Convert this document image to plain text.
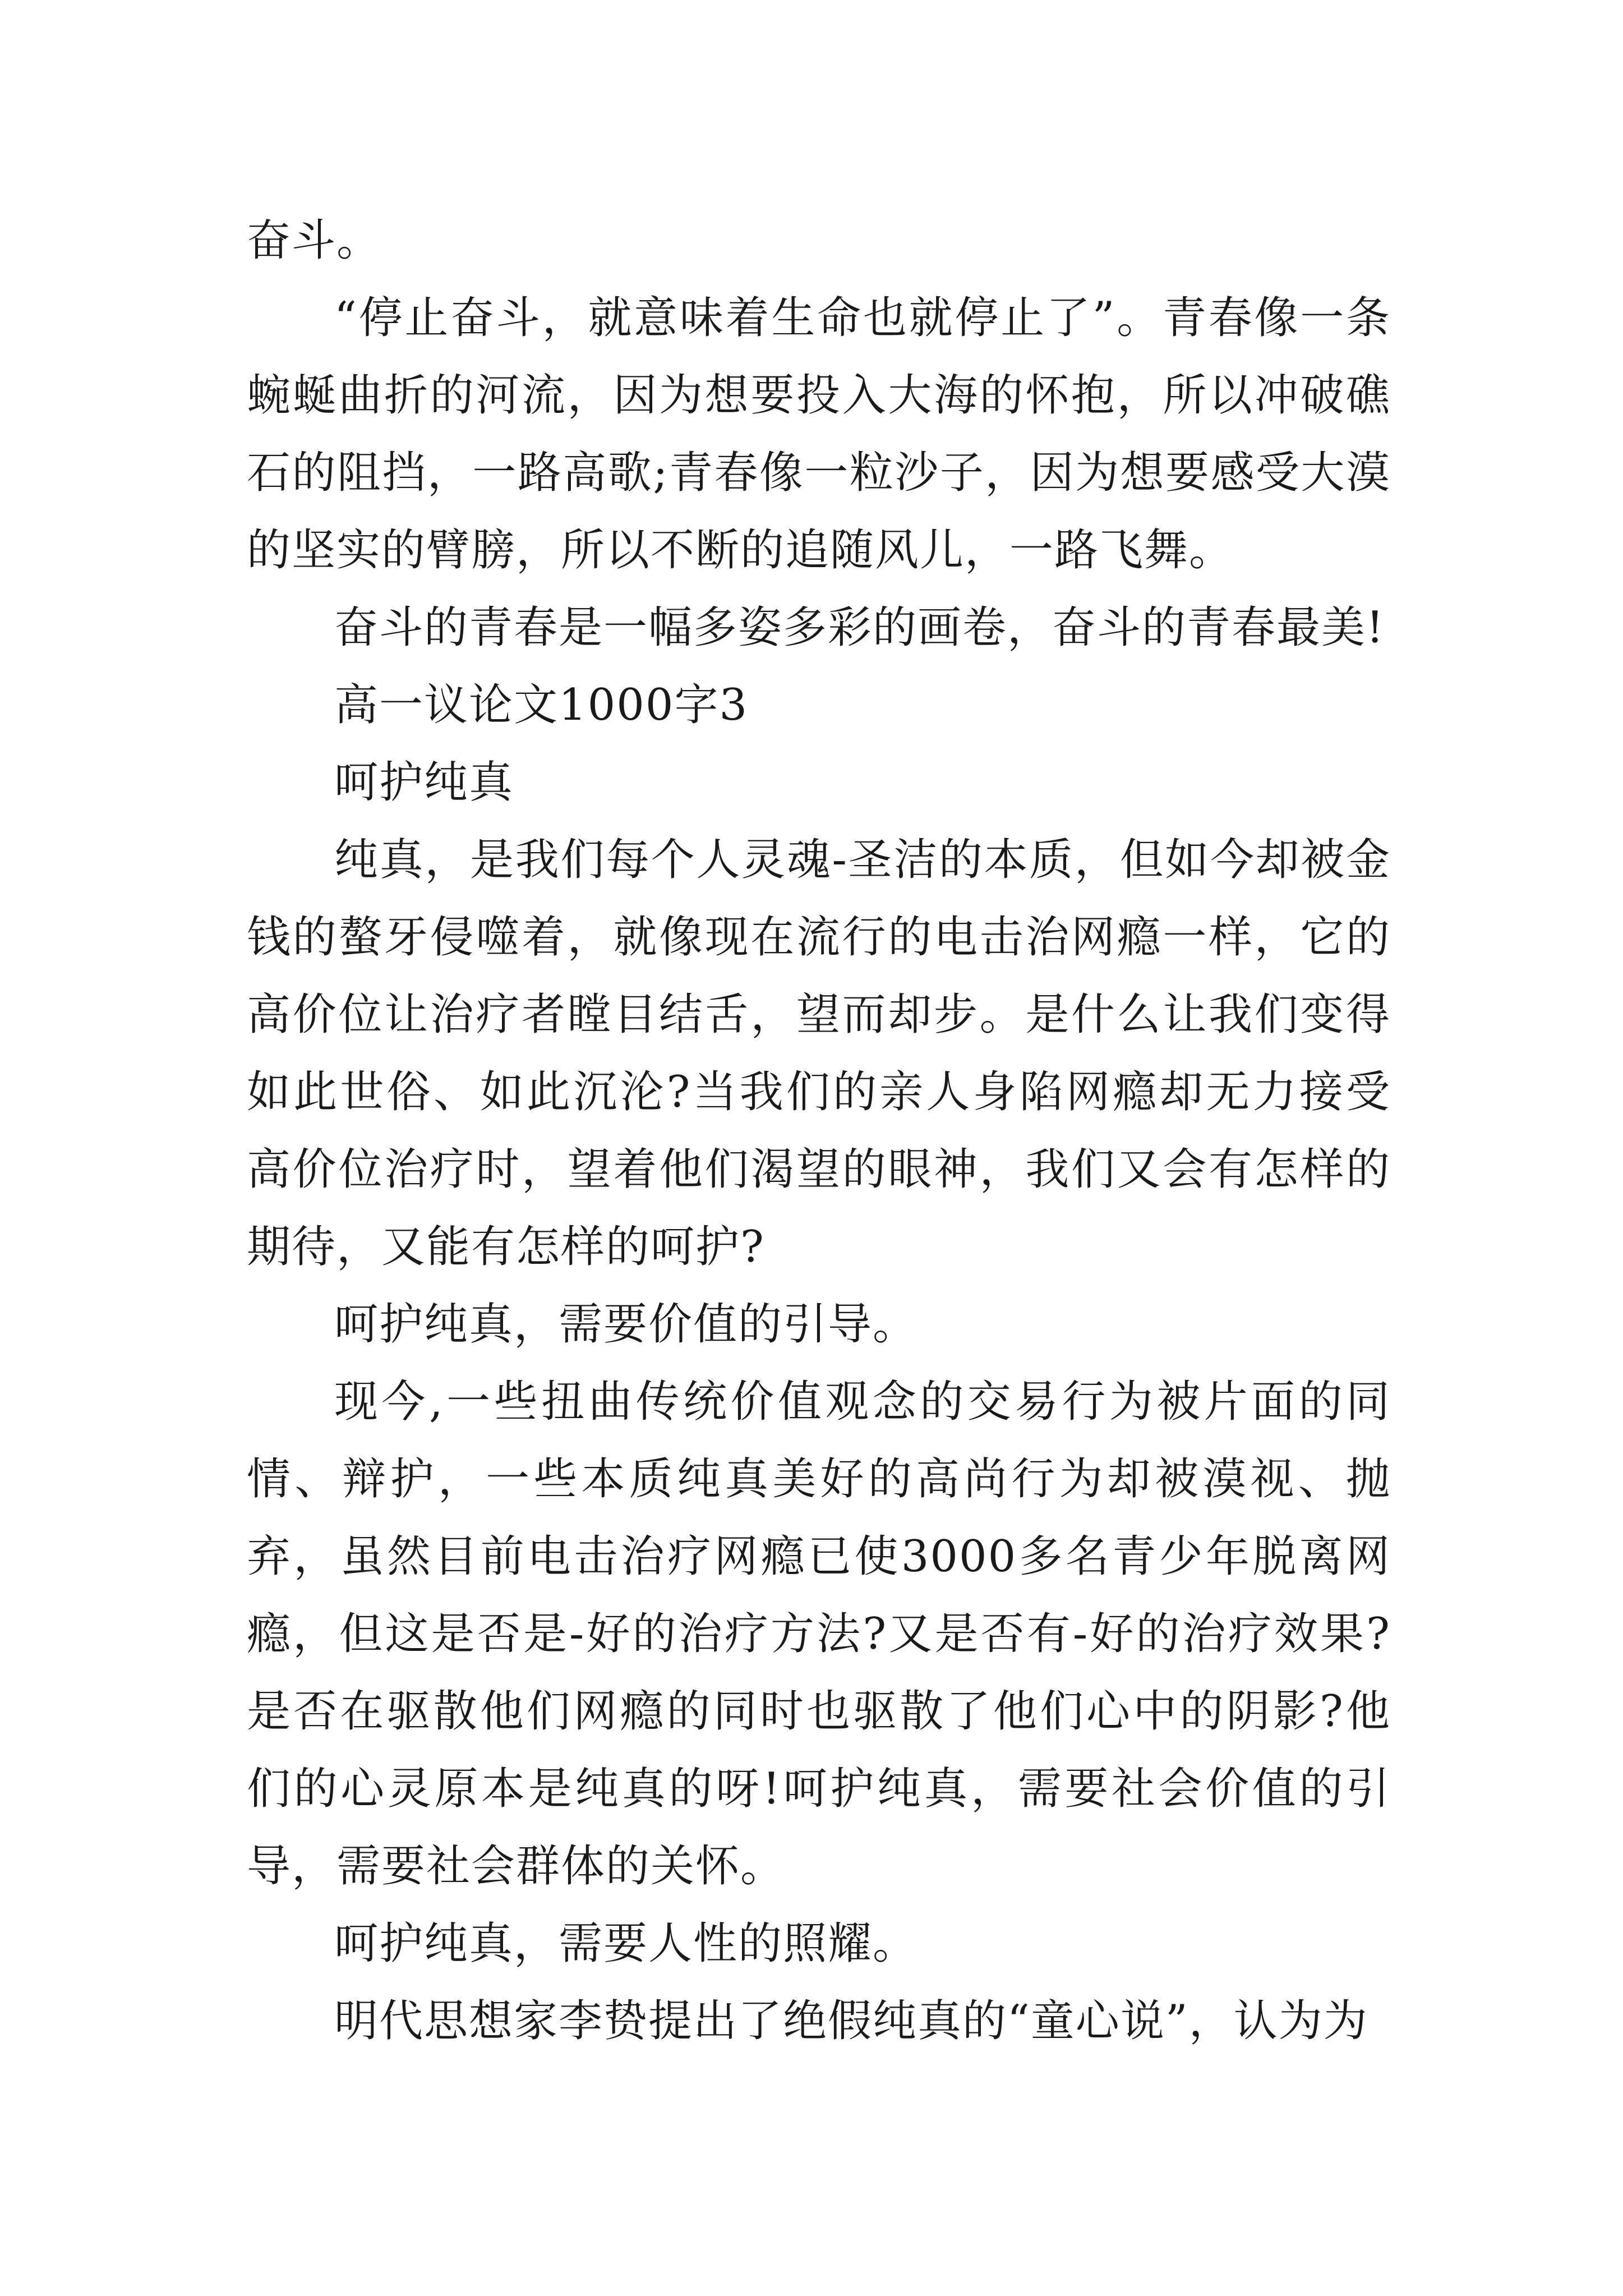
奋斗。

“停止奋斗，就意味着生命也就停止了”。青春像一条蜿蜒曲折的河流，因为想要投入大海的怀抱，所以冲破礁石的阻挡，一路高歌;青春像一粒沙子，因为想要感受大漠的坚实的臂膀，所以不断的追随风儿，一路飞舞。

奋斗的青春是一幅多姿多彩的画卷，奋斗的青春最美!

高一议论文1000字3

呵护纯真

纯真，是我们每个人灵魂-圣洁的本质，但如今却被金钱的螯牙侵噬着，就像现在流行的电击治网瘾一样，它的高价位让治疗者瞠目结舌，望而却步。是什么让我们变得如此世俗、如此沉沦?当我们的亲人身陷网瘾却无力接受高价位治疗时，望着他们渴望的眼神，我们又会有怎样的期待，又能有怎样的呵护?

呵护纯真，需要价值的引导。

现今,一些扭曲传统价值观念的交易行为被片面的同情、辩护，一些本质纯真美好的高尚行为却被漠视、抛弃，虽然目前电击治疗网瘾已使3000多名青少年脱离网瘾，但这是否是-好的治疗方法?又是否有-好的治疗效果?是否在驱散他们网瘾的同时也驱散了他们心中的阴影?他们的心灵原本是纯真的呀!呵护纯真，需要社会价值的引导，需要社会群体的关怀。

呵护纯真，需要人性的照耀。

明代思想家李贽提出了绝假纯真的“童心说”，认为为
